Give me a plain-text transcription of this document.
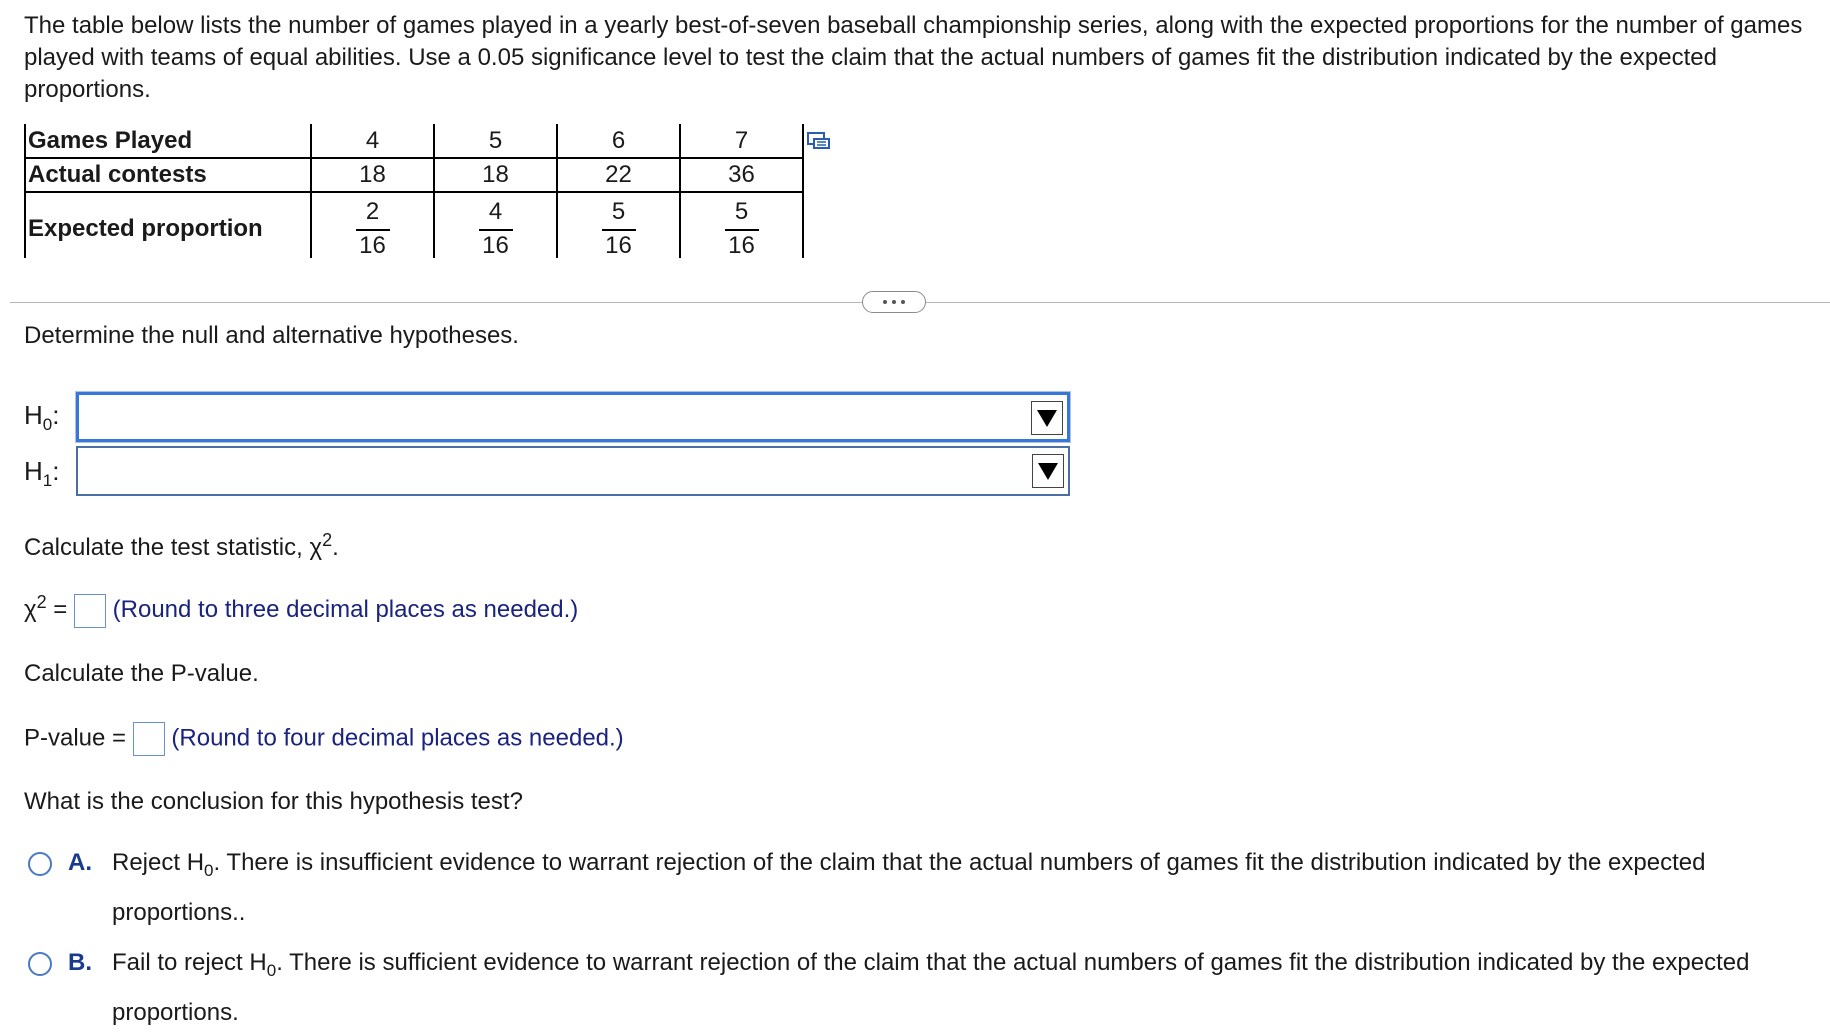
The table below lists the number of games played in a yearly best-of-seven baseball championship series, along with the expected proportions for the number of games played with teams of equal abilities. Use a 0.05 significance level to test the claim that the actual numbers of games fit the distribution indicated by the expected proportions.
Games Played	4	5	6	7
Actual contests	18	18	22	36
Expected proportion	$\frac{2}{16}$	$\frac{4}{16}$	$\frac{5}{16}$	$\frac{5}{16}$
Determine the null and alternative hypotheses.
$H_0$:
$H_1$:
Calculate the test statistic, $\chi^2$.
$\chi^2$ = (Round to three decimal places as needed.)
Calculate the P-value.
P-value = (Round to four decimal places as needed.)
What is the conclusion for this hypothesis test?
A. Reject $H_0$. There is insufficient evidence to warrant rejection of the claim that the actual numbers of games fit the distribution indicated by the expected proportions..
B. Fail to reject $H_0$. There is sufficient evidence to warrant rejection of the claim that the actual numbers of games fit the distribution indicated by the expected proportions.
